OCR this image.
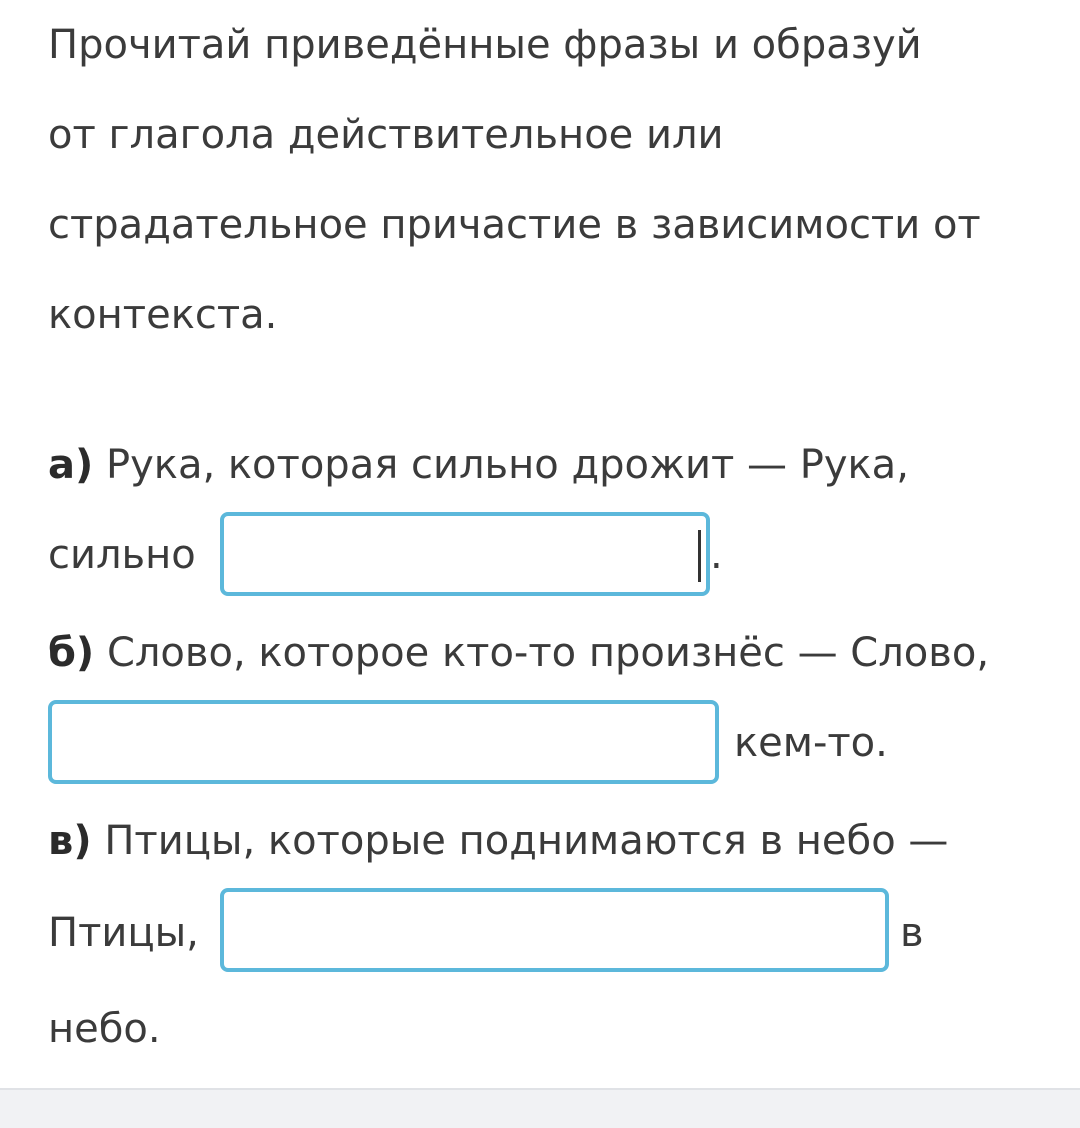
Прочитай приведённые фразы и образуй
от глагола действительное или
страдательное причастие в зависимости от
контекста.
а) Рука, которая сильно дрожит — Рука,
сильно	.
б) Слово, которое кто-то произнёс — Слово,
кем-то.
в) Птицы, которые поднимаются в небо —
Птицы,	в
небо.
